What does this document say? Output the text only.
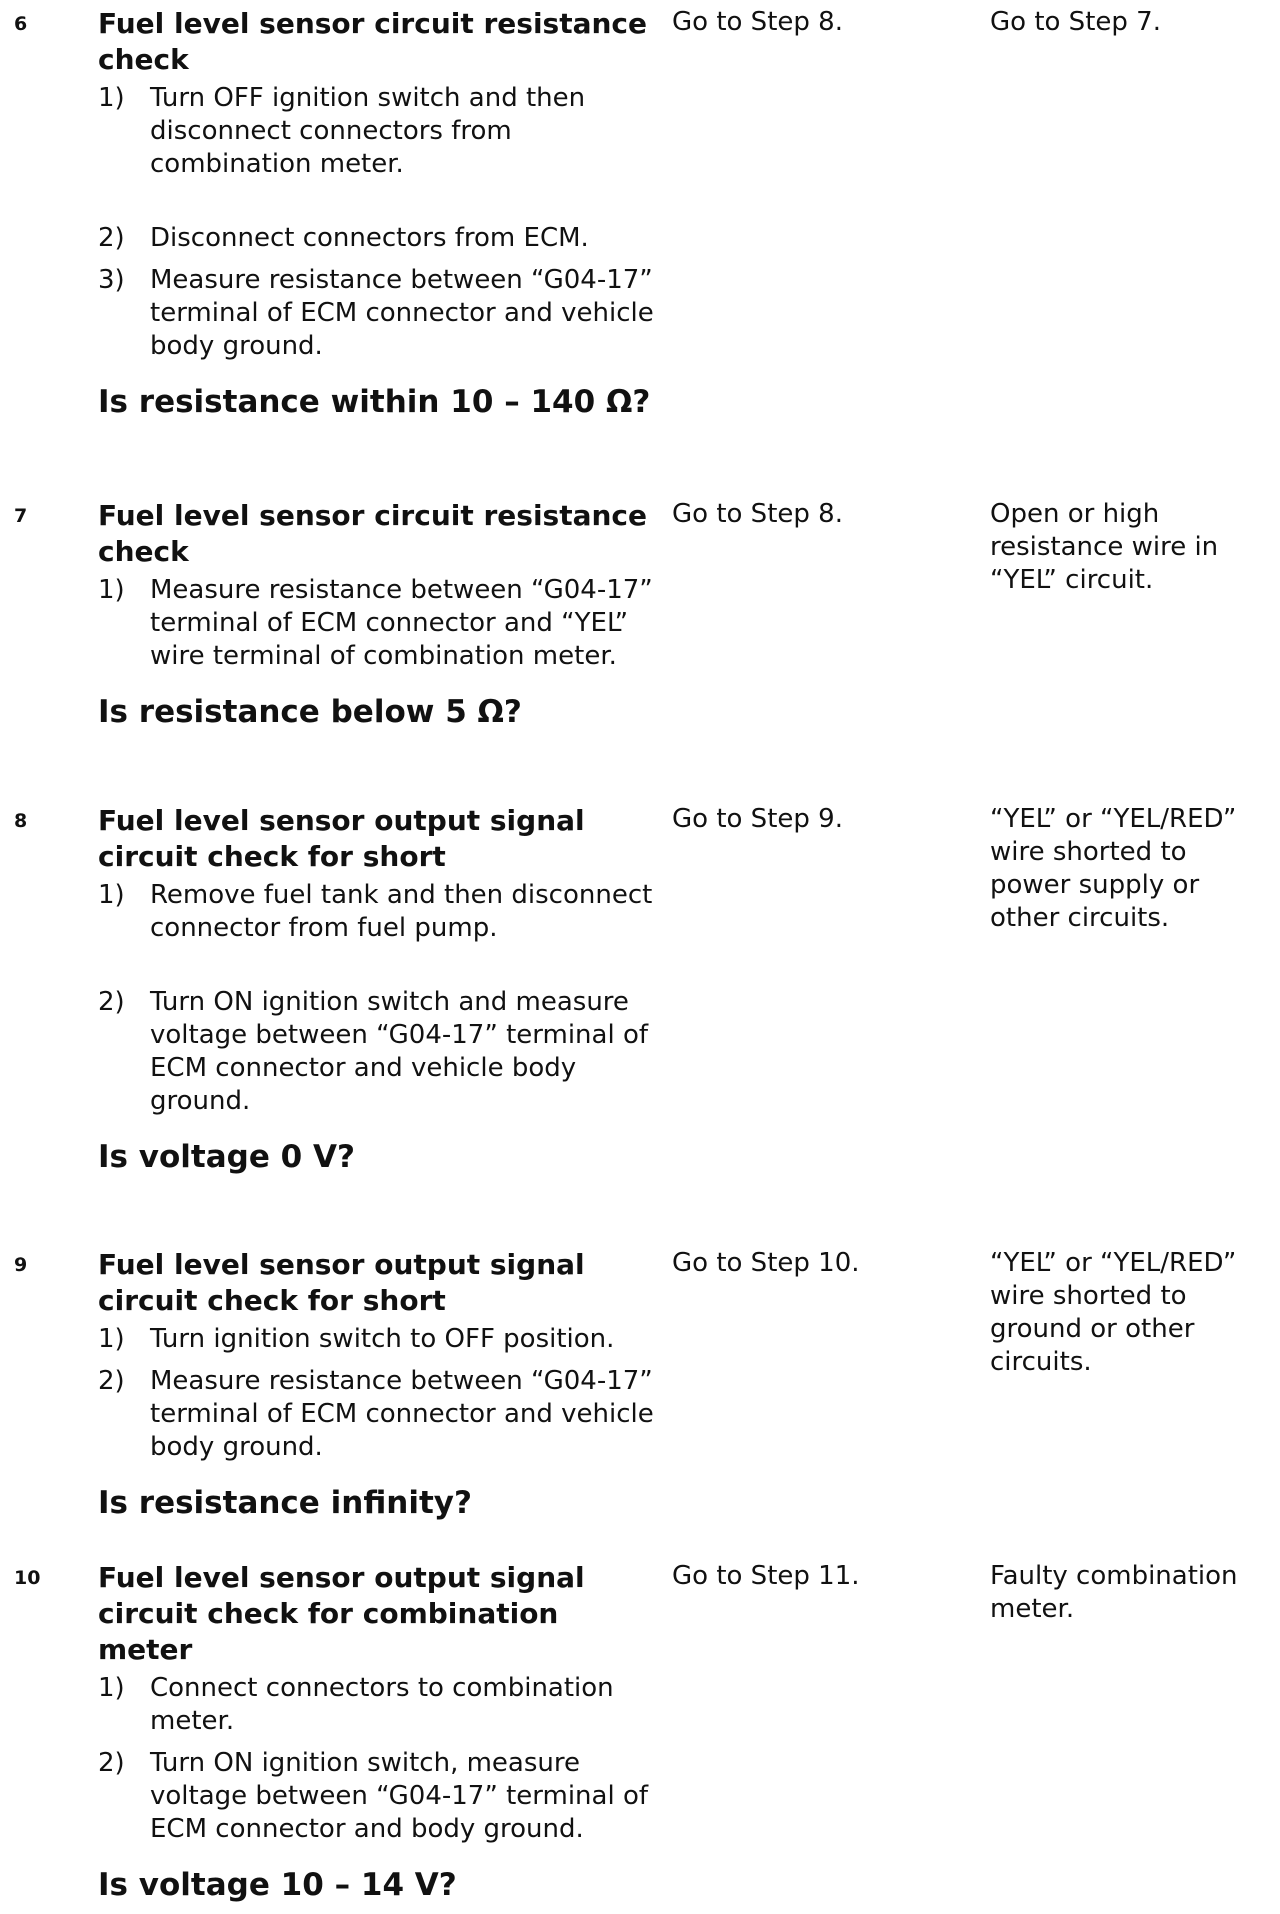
6	Fuel level sensor circuit resistance check
1) Turn OFF ignition switch and then disconnect connectors from combination meter.
2) Disconnect connectors from ECM.
3) Measure resistance between “G04-17” terminal of ECM connector and vehicle body ground.
Is resistance within 10 – 140 Ω?
Go to Step 8.	Go to Step 7.
7	Fuel level sensor circuit resistance check
1) Measure resistance between “G04-17” terminal of ECM connector and “YEL” wire terminal of combination meter.
Is resistance below 5 Ω?
Go to Step 8.	Open or high resistance wire in “YEL” circuit.
8	Fuel level sensor output signal circuit check for short
1) Remove fuel tank and then disconnect connector from fuel pump.
2) Turn ON ignition switch and measure voltage between “G04-17” terminal of ECM connector and vehicle body ground.
Is voltage 0 V?
Go to Step 9.	“YEL” or “YEL/RED” wire shorted to power supply or other circuits.
9	Fuel level sensor output signal circuit check for short
1) Turn ignition switch to OFF position.
2) Measure resistance between “G04-17” terminal of ECM connector and vehicle body ground.
Is resistance infinity?
Go to Step 10.	“YEL” or “YEL/RED” wire shorted to ground or other circuits.
10 Fuel level sensor output signal circuit check for combination meter
1) Connect connectors to combination meter.
2) Turn ON ignition switch, measure voltage between “G04-17” terminal of ECM connector and body ground.
Is voltage 10 – 14 V?
Go to Step 11.	Faulty combination meter.
